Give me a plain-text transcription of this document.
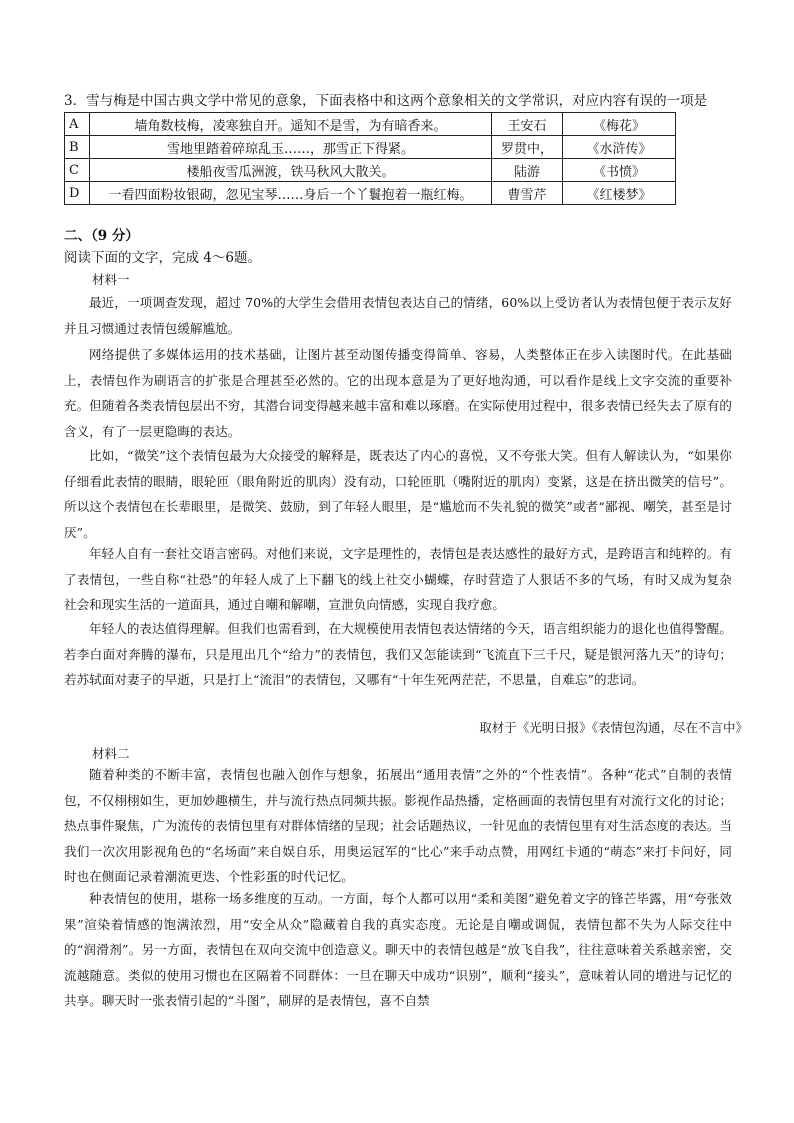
3．雪与梅是中国古典文学中常见的意象，下面表格中和这两个意象相关的文学常识，对应内容有误的一项是
A	墙角数枝梅，凌寒独自开。遥知不是雪，为有暗香来。	王安石	《梅花》
B	雪地里踏着碎琼乱玉……，那雪正下得紧。	罗贯中，	《水浒传》
C	楼船夜雪瓜洲渡，铁马秋风大散关。	陆游	《书愤》
D	一看四面粉妆银砌，忽见宝琴……身后一个丫鬟抱着一瓶红梅。	曹雪芹	《红楼梦》
二、（9 分）
阅读下面的文字，完成 4～6题。
材料一
最近，一项调查发现，超过 70%的大学生会借用表情包表达自己的情绪，60%以上受访者认为表情包便于表示友好并且习惯通过表情包缓解尴尬。
网络提供了多媒体运用的技术基础，让图片甚至动图传播变得简单、容易，人类整体正在步入读图时代。在此基础上，表情包作为刷语言的扩张是合理甚至必然的。它的出现本意是为了更好地沟通，可以看作是线上文字交流的重要补充。但随着各类表情包层出不穷，其潜台词变得越来越丰富和难以琢磨。在实际使用过程中，很多表情已经失去了原有的含义，有了一层更隐晦的表达。
比如，“微笑”这个表情包最为大众接受的解释是，既表达了内心的喜悦，又不夸张大笑。但有人解读认为，“如果你仔细看此表情的眼睛，眼轮匝（眼角附近的肌肉）没有动，口轮匝肌（嘴附近的肌肉）变紧，这是在挤出微笑的信号”。所以这个表情包在长辈眼里，是微笑、鼓励，到了年轻人眼里，是“尴尬而不失礼貌的微笑”或者“鄙视、嘲笑，甚至是讨厌”。
年轻人自有一套社交语言密码。对他们来说，文字是理性的，表情包是表达感性的最好方式，是跨语言和纯粹的。有了表情包，一些自称“社恐”的年轻人成了上下翻飞的线上社交小蝴蝶，存时营造了人狠话不多的气场，有时又成为复杂社会和现实生活的一道面具，通过自嘲和解嘲，宣泄负向情感，实现自我疗愈。
年轻人的表达值得理解。但我们也需看到，在大规模使用表情包表达情绪的今天，语言组织能力的退化也值得警醒。若李白面对奔腾的瀑布，只是甩出几个“给力”的表情包，我们又怎能读到“飞流直下三千尺，疑是银河落九天”的诗句；若苏轼面对妻子的早逝，只是打上“流泪”的表情包，又哪有“十年生死两茫茫，不思量，自难忘”的悲词。
取材于《光明日报》《表情包沟通，尽在不言中》
材料二
随着种类的不断丰富，表情包也融入创作与想象，拓展出“通用表情”之外的“个性表情”。各种“花式”自制的表情包，不仅栩栩如生，更加妙趣横生，并与流行热点同频共振。影视作品热播，定格画面的表情包里有对流行文化的讨论；热点事件聚焦，广为流传的表情包里有对群体情绪的呈现；社会话题热议，一针见血的表情包里有对生活态度的表达。当我们一次次用影视角色的“名场面”来自娱自乐，用奥运冠军的“比心”来手动点赞，用网红卡通的“萌态”来打卡问好，同时也在侧面记录着潮流更迭、个性彩蛋的时代记忆。
种表情包的使用，堪称一场多维度的互动。一方面，每个人都可以用“柔和美图”避免着文字的锋芒毕露，用“夸张效果”渲染着情感的饱满浓烈，用“安全从众”隐藏着自我的真实态度。无论是自嘲或调侃，表情包都不失为人际交往中的“润滑剂”。另一方面，表情包在双向交流中创造意义。聊天中的表情包越是“放飞自我”，往往意味着关系越亲密，交流越随意。类似的使用习惯也在区隔着不同群体：一旦在聊天中成功“识别”，顺利“接头”，意味着认同的增进与记忆的共享。聊天时一张表情引起的“斗图”，刷屏的是表情包，喜不自禁
